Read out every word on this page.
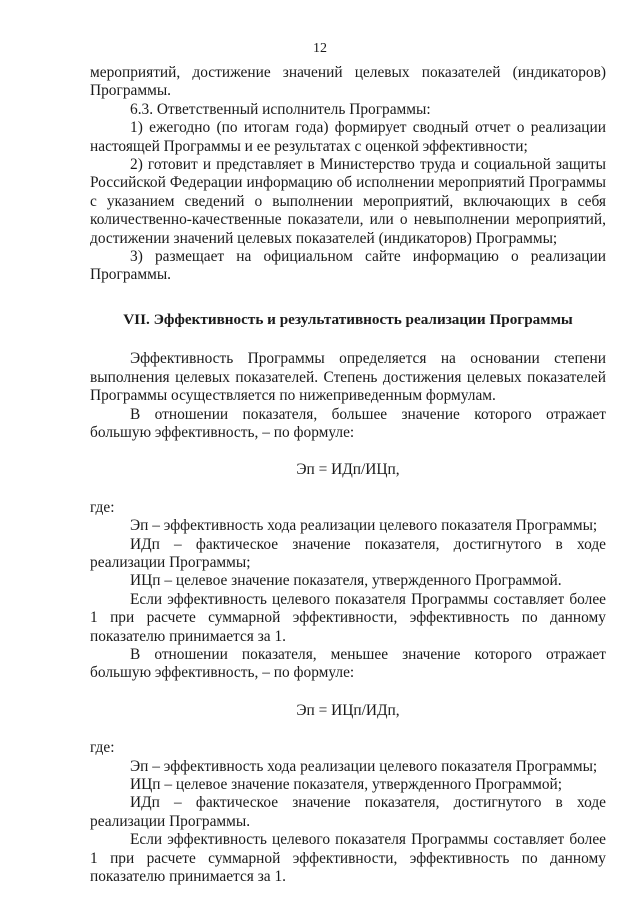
12

мероприятий, достижение значений целевых показателей (индикаторов) Программы.

6.3. Ответственный исполнитель Программы:

1) ежегодно (по итогам года) формирует сводный отчет о реализации настоящей Программы и ее результатах с оценкой эффективности;

2) готовит и представляет в Министерство труда и социальной защиты Российской Федерации информацию об исполнении мероприятий Программы с указанием сведений о выполнении мероприятий, включающих в себя количественно-качественные показатели, или о невыполнении мероприятий, достижении значений целевых показателей (индикаторов) Программы;

3) размещает на официальном сайте информацию о реализации Программы.

VII. Эффективность и результативность реализации Программы

Эффективность Программы определяется на основании степени выполнения целевых показателей. Степень достижения целевых показателей Программы осуществляется по нижеприведенным формулам.

В отношении показателя, большее значение которого отражает большую эффективность, – по формуле:

Эп = ИДп/ИЦп,

где:

Эп – эффективность хода реализации целевого показателя Программы;

ИДп – фактическое значение показателя, достигнутого в ходе реализации Программы;

ИЦп – целевое значение показателя, утвержденного Программой.

Если эффективность целевого показателя Программы составляет более 1 при расчете суммарной эффективности, эффективность по данному показателю принимается за 1.

В отношении показателя, меньшее значение которого отражает большую эффективность, – по формуле:

Эп = ИЦп/ИДп,

где:

Эп – эффективность хода реализации целевого показателя Программы;

ИЦп – целевое значение показателя, утвержденного Программой;

ИДп – фактическое значение показателя, достигнутого в ходе реализации Программы.

Если эффективность целевого показателя Программы составляет более 1 при расчете суммарной эффективности, эффективность по данному показателю принимается за 1.
